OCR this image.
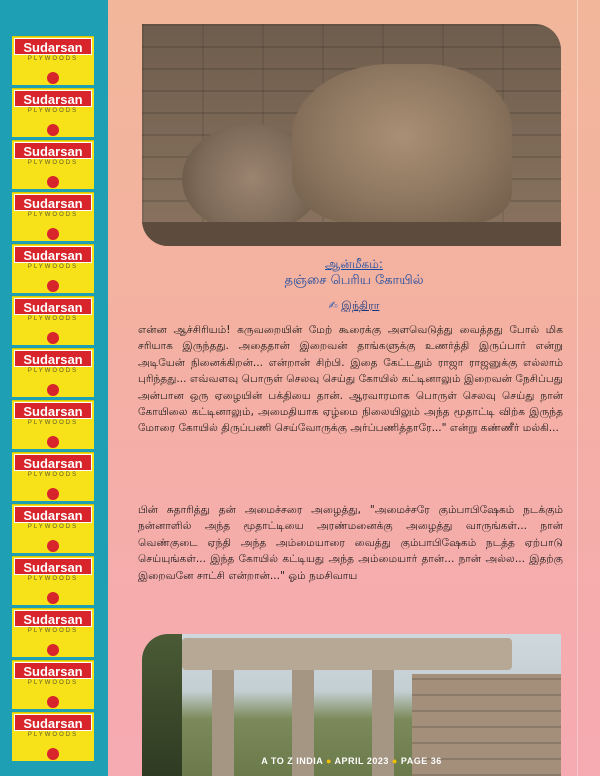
Sudarsan
PLYWOODS
Sudarsan
PLYWOODS
Sudarsan
PLYWOODS
Sudarsan
PLYWOODS
Sudarsan
PLYWOODS
Sudarsan
PLYWOODS
Sudarsan
PLYWOODS
Sudarsan
PLYWOODS
Sudarsan
PLYWOODS
Sudarsan
PLYWOODS
Sudarsan
PLYWOODS
Sudarsan
PLYWOODS
Sudarsan
PLYWOODS
Sudarsan
PLYWOODS
ஆன்மீகம்:
தஞ்சை பெரிய கோயில்
✍ இந்திரா

என்ன ஆச்சிரியம்! கருவறையின் மேற் கூரைக்கு அளவெடுத்து வைத்தது போல் மிக சரியாக இருந்தது. அதைதான் இறைவன் தாங்களுக்கு உணர்த்தி இருப்பார் என்று அடியேன் நினைக்கிறன்... என்றான் சிற்பி. இதை கேட்டதும் ராஜா ராஜனுக்கு எல்லாம் புரிந்தது... எவ்வளவு பொருள் செலவு செய்து கோயில் கட்டினாலும் இறைவன் நேசிப்பது அன்பான ஒரு ஏழையின் பக்தியை தான். ஆரவாரமாக பொருள் செலவு செய்து நான் கோயிலை கட்டினாலும், அமைதியாக ஏழ்மை நிலையிலும் அந்த மூதாட்டி விற்க இருந்த மோரை கோயில் திருப்பணி செய்வோருக்கு அர்ப்பணித்தாரே..." என்று கண்ணீர் மல்கி...

பின் சுதாரித்து தன் அமைச்சரை அழைத்து, "அமைச்சரே கும்பாபிஷேகம் நடக்கும் நன்னாளில் அந்த மூதாட்டியை அரண்மனைக்கு அழைத்து வாருங்கள்... நான் வெண்குடை ஏந்தி அந்த அம்மையாரை வைத்து கும்பாபிஷேகம் நடத்த ஏற்பாடு செய்யுங்கள்... இந்த கோயில் கட்டியது அந்த அம்மையார் தான்... நான் அல்ல... இதற்கு இறைவனே சாட்சி என்றான்..." ஓம் நமசிவாய

A TO Z INDIA ● APRIL 2023 ● PAGE 36
